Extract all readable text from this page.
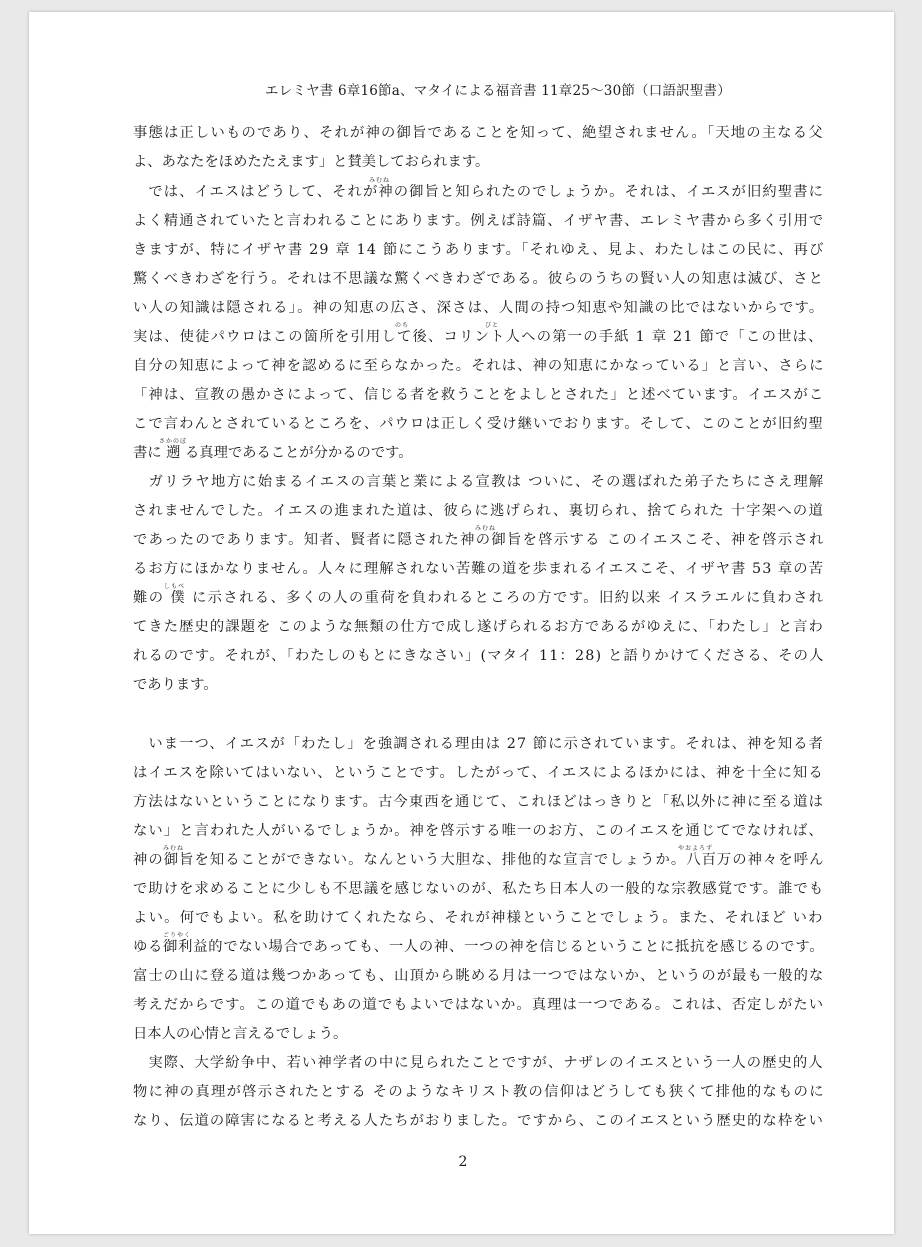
エレミヤ書 6章16節a、マタイによる福音書 11章25～30節（口語訳聖書）
事態は正しいものであり、それが神の御旨であることを知って、絶望されません。「天地の主なる父
よ、あなたをほめたたえます」と賛美しておられます。
みむね
　では、イエスはどうして、それが神の御旨と知られたのでしょうか。それは、イエスが旧約聖書に
よく精通されていたと言われることにあります。例えば詩篇、イザヤ書、エレミヤ書から多く引用で
きますが、特にイザヤ書 29 章 14 節にこうあります。「それゆえ、見よ、わたしはこの民に、再び
驚くべきわざを行う。それは不思議な驚くべきわざである。彼らのうちの賢い人の知恵は滅び、さと
い人の知識は隠される」。神の知恵の広さ、深さは、人間の持つ知恵や知識の比ではないからです。
のち	びと
実は、使徒パウロはこの箇所を引用して後、コリント人への第一の手紙 1 章 21 節で「この世は、
自分の知恵によって神を認めるに至らなかった。それは、神の知恵にかなっている」と言い、さらに
「神は、宣教の愚かさによって、信じる者を救うことをよしとされた」と述べています。イエスがこ
こで言わんとされているところを、パウロは正しく受け継いでおります。そして、このことが旧約聖
さかのぼ
書に 遡 る真理であることが分かるのです。
　ガリラヤ地方に始まるイエスの言葉と業による宣教は ついに、その選ばれた弟子たちにさえ理解
されませんでした。イエスの進まれた道は、彼らに逃げられ、裏切られ、捨てられた 十字架への道
みむね
であったのであります。知者、賢者に隠された神の御旨を啓示する このイエスこそ、神を啓示され
るお方にほかなりません。人々に理解されない苦難の道を歩まれるイエスこそ、イザヤ書 53 章の苦
しもべ
難の 僕 に示される、多くの人の重荷を負われるところの方です。旧約以来 イスラエルに負わされ
てきた歴史的課題を このような無類の仕方で成し遂げられるお方であるがゆえに、「わたし」と言わ
れるのです。それが、「わたしのもとにきなさい」(マタイ 11：28) と語りかけてくださる、その人
であります。
　いま一つ、イエスが「わたし」を強調される理由は 27 節に示されています。それは、神を知る者
はイエスを除いてはいない、ということです。したがって、イエスによるほかには、神を十全に知る
方法はないということになります。古今東西を通じて、これほどはっきりと「私以外に神に至る道は
ない」と言われた人がいるでしょうか。神を啓示する唯一のお方、このイエスを通じてでなければ、
みむね	やおよろず
神の御旨を知ることができない。なんという大胆な、排他的な宣言でしょうか。八百万の神々を呼ん
で助けを求めることに少しも不思議を感じないのが、私たち日本人の一般的な宗教感覚です。誰でも
よい。何でもよい。私を助けてくれたなら、それが神様ということでしょう。また、それほど いわ
ごりやく
ゆる御利益的でない場合であっても、一人の神、一つの神を信じるということに抵抗を感じるのです。
富士の山に登る道は幾つかあっても、山頂から眺める月は一つではないか、というのが最も一般的な
考えだからです。この道でもあの道でもよいではないか。真理は一つである。これは、否定しがたい
日本人の心情と言えるでしょう。
　実際、大学紛争中、若い神学者の中に見られたことですが、ナザレのイエスという一人の歴史的人
物に神の真理が啓示されたとする そのようなキリスト教の信仰はどうしても狭くて排他的なものに
なり、伝道の障害になると考える人たちがおりました。ですから、このイエスという歴史的な枠をい
2
